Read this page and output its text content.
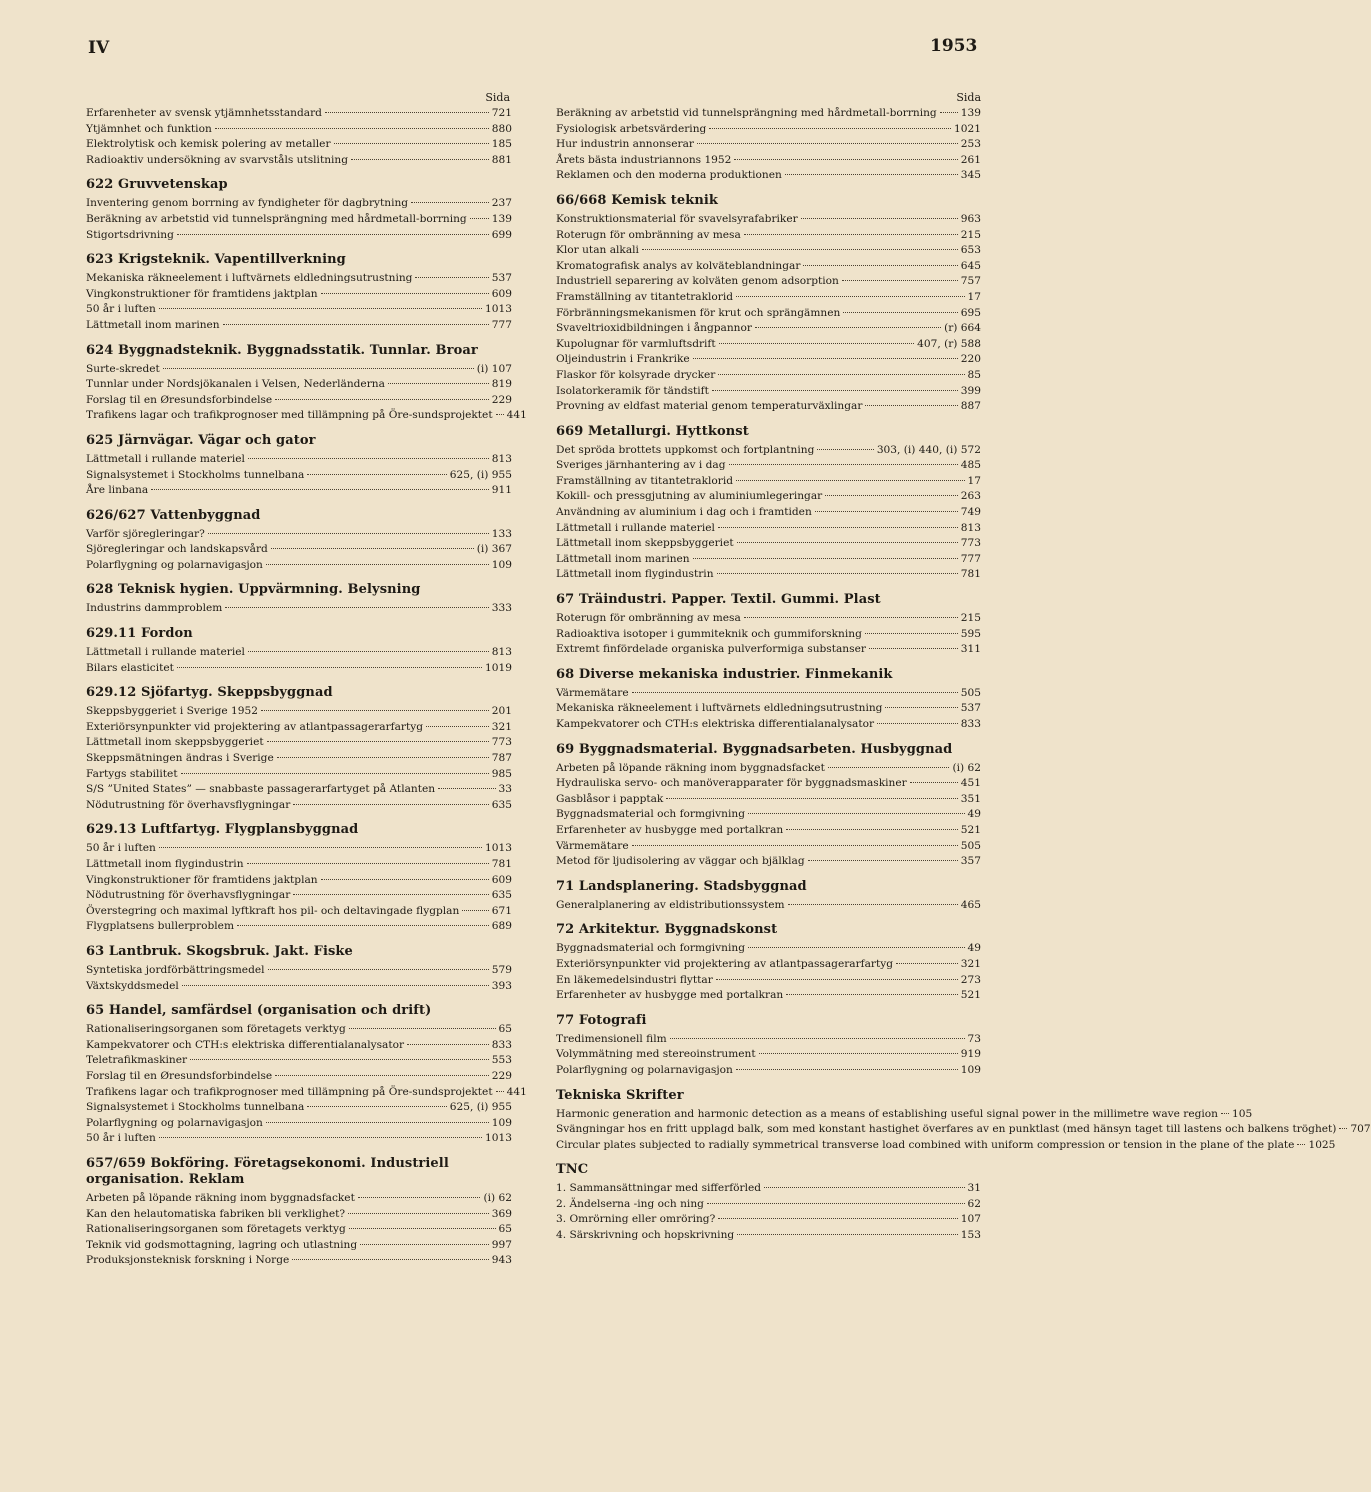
IV	1953
Sida
Erfarenheter av svensk ytjämnhetsstandard	721
Ytjämnhet och funktion	880
Elektrolytisk och kemisk polering av metaller	185
Radioaktiv undersökning av svarvståls utslitning	881
622 Gruvvetenskap
Inventering genom borrning av fyndigheter för dagbrytning	237
Beräkning av arbetstid vid tunnelsprängning med hårdmetall-borrning 139
Stigortsdrivning	699
623 Krigsteknik. Vapentillverkning
Mekaniska räkneelement i luftvärnets eldledningsutrustning	537
Vingkonstruktioner för framtidens jaktplan	609
50 år i luften	1013
Lättmetall inom marinen	777
624 Byggnadsteknik. Byggnadsstatik. Tunnlar. Broar
Surte-skredet	(i) 107
Tunnlar under Nordsjökanalen i Velsen, Nederländerna	819
Forslag til en Øresundsforbindelse	229
Trafikens lagar och trafikprognoser med tillämpning på Öre-sundsprojektet 441
625 Järnvägar. Vägar och gator
Lättmetall i rullande materiel	813
Signalsystemet i Stockholms tunnelbana	625, (i) 955
Åre linbana	911
626/627 Vattenbyggnad
Varför sjöregleringar?	133
Sjöregleringar och landskapsvård	(i) 367
Polarflygning og polarnavigasjon	109
628 Teknisk hygien. Uppvärmning. Belysning
Industrins dammproblem	333
629.11 Fordon
Lättmetall i rullande materiel	813
Bilars elasticitet	1019
629.12 Sjöfartyg. Skeppsbyggnad
Skeppsbyggeriet i Sverige 1952	201
Exteriörsynpunkter vid projektering av atlantpassagerarfartyg	321
Lättmetall inom skeppsbyggeriet	773
Skeppsmätningen ändras i Sverige	787
Fartygs stabilitet	985
S/S ”United States” — snabbaste passagerarfartyget på Atlanten	33
Nödutrustning för överhavsflygningar	635
629.13 Luftfartyg. Flygplansbyggnad
50 år i luften	1013
Lättmetall inom flygindustrin	781
Vingkonstruktioner för framtidens jaktplan	609
Nödutrustning för överhavsflygningar	635
Överstegring och maximal lyftkraft hos pil- och deltavingade flygplan	671
Flygplatsens bullerproblem	689
63 Lantbruk. Skogsbruk. Jakt. Fiske
Syntetiska jordförbättringsmedel	579
Växtskyddsmedel	393
65 Handel, samfärdsel (organisation och drift)
Rationaliseringsorganen som företagets verktyg	65
Kampekvatorer och CTH:s elektriska differentialanalysator	833
Teletrafikmaskiner	553
Forslag til en Øresundsforbindelse	229
Trafikens lagar och trafikprognoser med tillämpning på Öre-sundsprojektet 441
Signalsystemet i Stockholms tunnelbana	625, (i) 955
Polarflygning og polarnavigasjon	109
50 år i luften	1013
657/659 Bokföring. Företagsekonomi. Industriell organisation. Reklam
Arbeten på löpande räkning inom byggnadsfacket	(i) 62
Kan den helautomatiska fabriken bli verklighet?	369
Rationaliseringsorganen som företagets verktyg	65
Teknik vid godsmottagning, lagring och utlastning	997
Produksjonsteknisk forskning i Norge	943
Sida
Beräkning av arbetstid vid tunnelsprängning med hårdmetall-borrning 139
Fysiologisk arbetsvärdering	1021
Hur industrin annonserar	253
Årets bästa industriannons 1952	261
Reklamen och den moderna produktionen	345
66/668 Kemisk teknik
Konstruktionsmaterial för svavelsyrafabriker	963
Roterugn för ombränning av mesa	215
Klor utan alkali	653
Kromatografisk analys av kolväteblandningar	645
Industriell separering av kolväten genom adsorption	757
Framställning av titantetraklorid	17
Förbränningsmekanismen för krut och sprängämnen	695
Svaveltrioxidbildningen i ångpannor	(r) 664
Kupolugnar för varmluftsdrift	407, (r) 588
Oljeindustrin i Frankrike	220
Flaskor för kolsyrade drycker	85
Isolatorkeramik för tändstift	399
Provning av eldfast material genom temperaturväxlingar	887
669 Metallurgi. Hyttkonst
Det spröda brottets uppkomst och fortplantning	303, (i) 440, (i) 572
Sveriges järnhantering av i dag	485
Framställning av titantetraklorid	17
Kokill- och pressgjutning av aluminiumlegeringar	263
Användning av aluminium i dag och i framtiden	749
Lättmetall i rullande materiel	813
Lättmetall inom skeppsbyggeriet	773
Lättmetall inom marinen	777
Lättmetall inom flygindustrin	781
67 Träindustri. Papper. Textil. Gummi. Plast
Roterugn för ombränning av mesa	215
Radioaktiva isotoper i gummiteknik och gummiforskning	595
Extremt finfördelade organiska pulverformiga substanser	311
68 Diverse mekaniska industrier. Finmekanik
Värmemätare	505
Mekaniska räkneelement i luftvärnets eldledningsutrustning	537
Kampekvatorer och CTH:s elektriska differentialanalysator	833
69 Byggnadsmaterial. Byggnadsarbeten. Husbyggnad
Arbeten på löpande räkning inom byggnadsfacket	(i) 62
Hydrauliska servo- och manöverapparater för byggnadsmaskiner	451
Gasblåsor i papptak	351
Byggnadsmaterial och formgivning	49
Erfarenheter av husbygge med portalkran	521
Värmemätare	505
Metod för ljudisolering av väggar och bjälklag	357
71 Landsplanering. Stadsbyggnad
Generalplanering av eldistributionssystem	465
72 Arkitektur. Byggnadskonst
Byggnadsmaterial och formgivning	49
Exteriörsynpunkter vid projektering av atlantpassagerarfartyg	321
En läkemedelsindustri flyttar	273
Erfarenheter av husbygge med portalkran	521
77 Fotografi
Tredimensionell film	73
Volymmätning med stereoinstrument	919
Polarflygning og polarnavigasjon	109
Tekniska Skrifter
Harmonic generation and harmonic detection as a means of establishing useful signal power in the millimetre wave region 105
Svängningar hos en fritt upplagd balk, som med konstant hastighet överfares av en punktlast (med hänsyn taget till lastens och balkens tröghet) 707
Circular plates subjected to radially symmetrical transverse load combined with uniform compression or tension in the plane of the plate 1025
TNC
1. Sammansättningar med sifferförled	31
2. Ändelserna -ing och ning	62
3. Omrörning eller omröring?	107
4. Särskrivning och hopskrivning	153
